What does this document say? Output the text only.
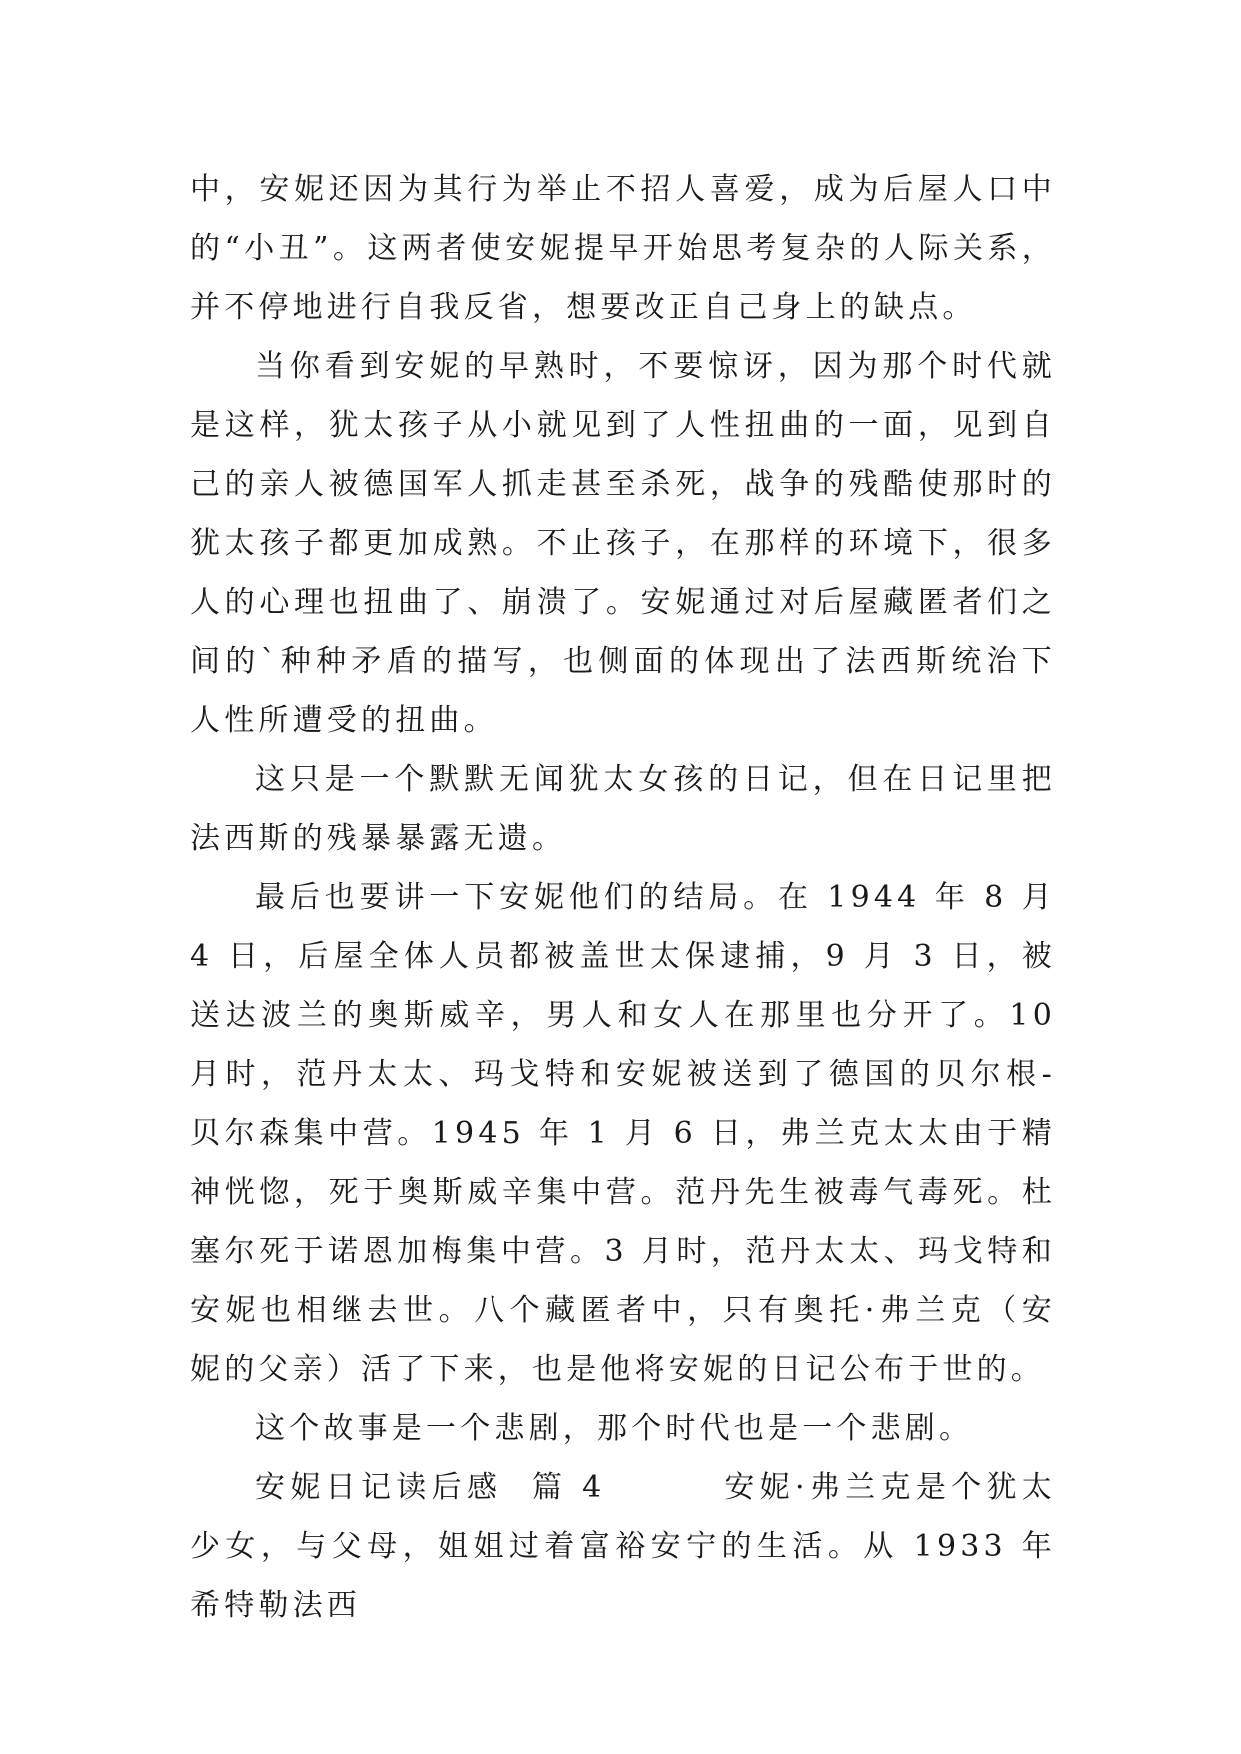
中，安妮还因为其行为举止不招人喜爱，成为后屋人口中的“小丑”。这两者使安妮提早开始思考复杂的人际关系，并不停地进行自我反省，想要改正自己身上的缺点。

当你看到安妮的早熟时，不要惊讶，因为那个时代就是这样，犹太孩子从小就见到了人性扭曲的一面，见到自己的亲人被德国军人抓走甚至杀死，战争的残酷使那时的犹太孩子都更加成熟。不止孩子，在那样的环境下，很多人的心理也扭曲了、崩溃了。安妮通过对后屋藏匿者们之间的`种种矛盾的描写，也侧面的体现出了法西斯统治下人性所遭受的扭曲。

这只是一个默默无闻犹太女孩的日记，但在日记里把法西斯的残暴暴露无遗。

最后也要讲一下安妮他们的结局。在 1944 年 8 月 4 日，后屋全体人员都被盖世太保逮捕，9 月 3 日，被送达波兰的奥斯威辛，男人和女人在那里也分开了。10 月时，范丹太太、玛戈特和安妮被送到了德国的贝尔根-贝尔森集中营。1945 年 1 月 6 日，弗兰克太太由于精神恍惚，死于奥斯威辛集中营。范丹先生被毒气毒死。杜塞尔死于诺恩加梅集中营。3 月时，范丹太太、玛戈特和安妮也相继去世。八个藏匿者中，只有奥托·弗兰克（安妮的父亲）活了下来，也是他将安妮的日记公布于世的。

这个故事是一个悲剧，那个时代也是一个悲剧。

安妮日记读后感  篇 4        安妮·弗兰克是个犹太少女，与父母，姐姐过着富裕安宁的生活。从 1933 年希特勒法西
